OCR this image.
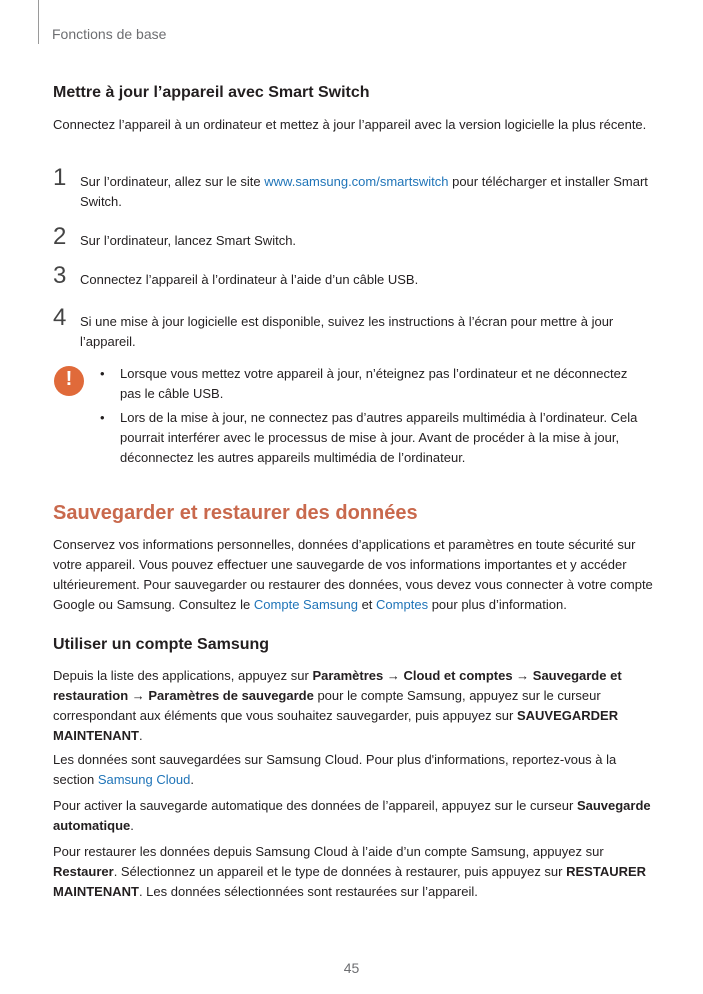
Fonctions de base
Mettre à jour l’appareil avec Smart Switch
Connectez l’appareil à un ordinateur et mettez à jour l’appareil avec la version logicielle la plus récente.
1	Sur l’ordinateur, allez sur le site www.samsung.com/smartswitch pour télécharger et installer Smart Switch.
2	Sur l’ordinateur, lancez Smart Switch.
3	Connectez l’appareil à l’ordinateur à l’aide d’un câble USB.
4	Si une mise à jour logicielle est disponible, suivez les instructions à l’écran pour mettre à jour l’appareil.
!	• Lorsque vous mettez votre appareil à jour, n’éteignez pas l’ordinateur et ne déconnectez pas le câble USB.
• Lors de la mise à jour, ne connectez pas d’autres appareils multimédia à l’ordinateur. Cela pourrait interférer avec le processus de mise à jour. Avant de procéder à la mise à jour, déconnectez les autres appareils multimédia de l’ordinateur.
Sauvegarder et restaurer des données
Conservez vos informations personnelles, données d’applications et paramètres en toute sécurité sur votre appareil. Vous pouvez effectuer une sauvegarde de vos informations importantes et y accéder ultérieurement. Pour sauvegarder ou restaurer des données, vous devez vous connecter à votre compte Google ou Samsung. Consultez le Compte Samsung et Comptes pour plus d’information.
Utiliser un compte Samsung
Depuis la liste des applications, appuyez sur Paramètres → Cloud et comptes → Sauvegarde et restauration → Paramètres de sauvegarde pour le compte Samsung, appuyez sur le curseur correspondant aux éléments que vous souhaitez sauvegarder, puis appuyez sur SAUVEGARDER MAINTENANT.
Les données sont sauvegardées sur Samsung Cloud. Pour plus d'informations, reportez-vous à la section Samsung Cloud.
Pour activer la sauvegarde automatique des données de l’appareil, appuyez sur le curseur Sauvegarde automatique.
Pour restaurer les données depuis Samsung Cloud à l’aide d’un compte Samsung, appuyez sur Restaurer. Sélectionnez un appareil et le type de données à restaurer, puis appuyez sur RESTAURER MAINTENANT. Les données sélectionnées sont restaurées sur l’appareil.
45
